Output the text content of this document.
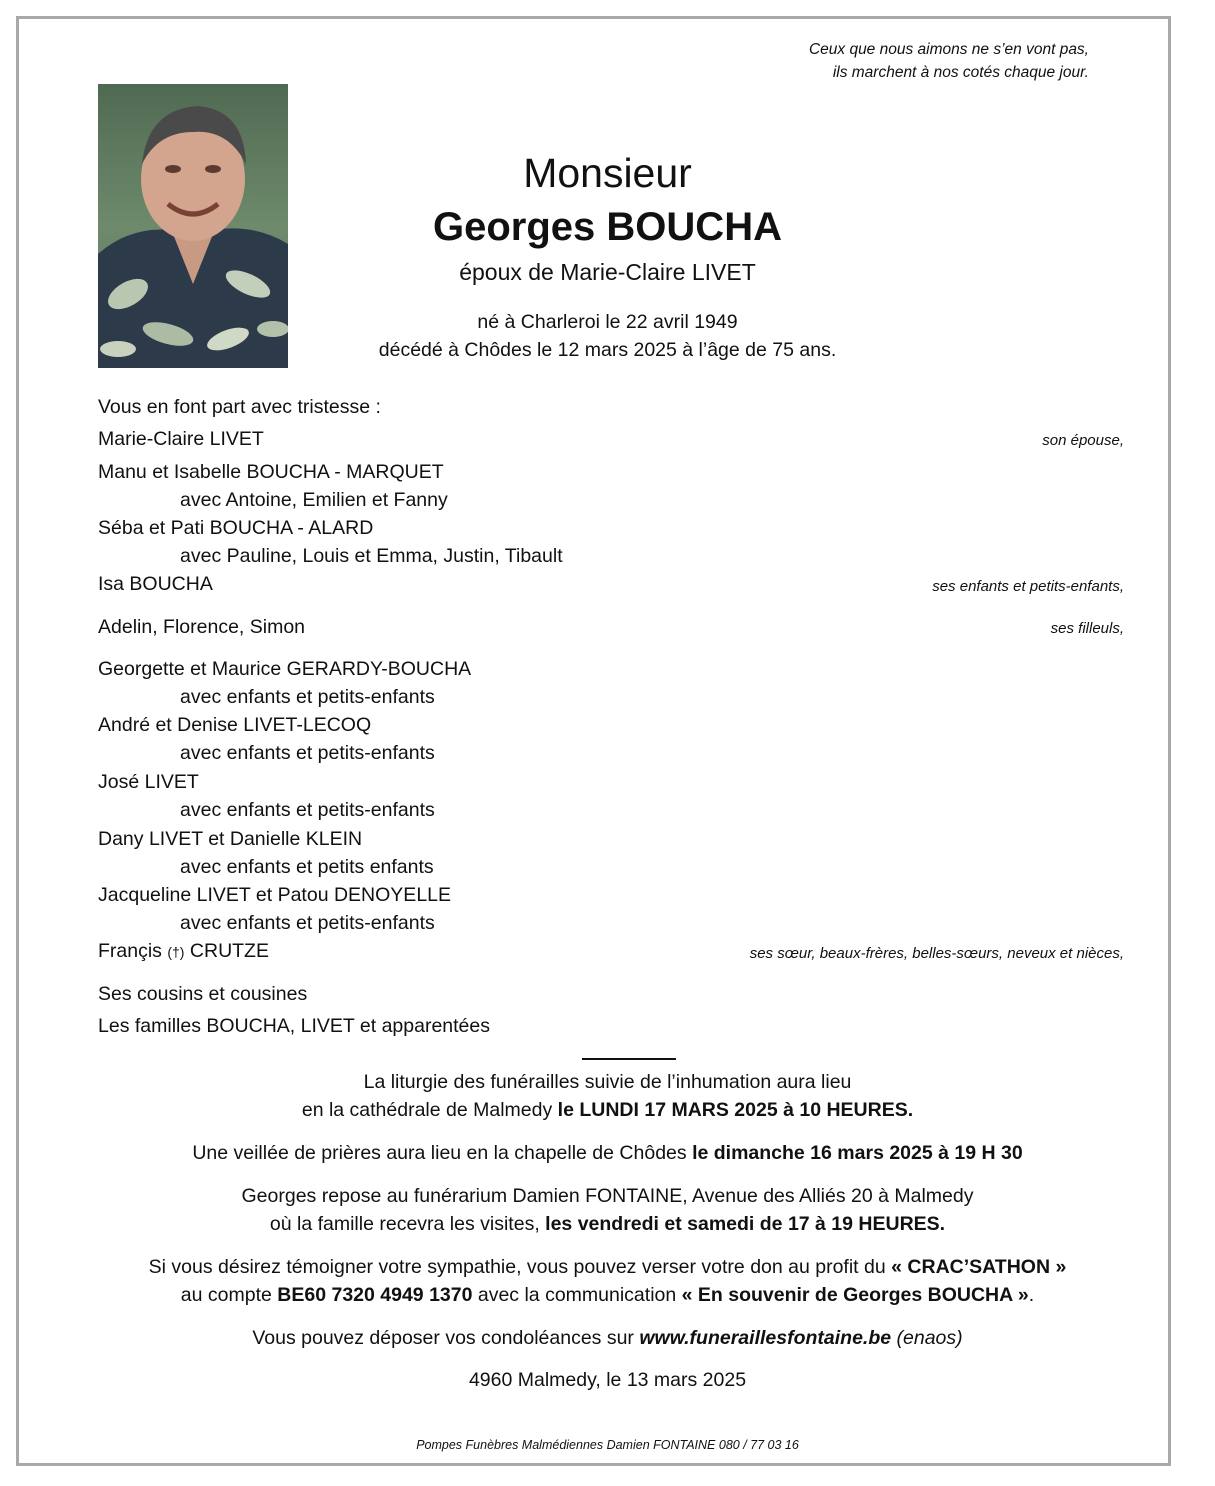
Ceux que nous aimons ne s’en vont pas,
ils marchent à nos cotés chaque jour.
Monsieur
Georges BOUCHA
époux de Marie-Claire LIVET
né à Charleroi le 22 avril 1949
décédé à Chôdes le 12 mars 2025 à l’âge de 75 ans.
Vous en font part avec tristesse :
Marie-Claire LIVET	son épouse,
Manu et Isabelle BOUCHA - MARQUET
avec Antoine, Emilien et Fanny
Séba et Pati BOUCHA - ALARD
avec Pauline, Louis et Emma, Justin, Tibault
Isa BOUCHA	ses enfants et petits-enfants,
Adelin, Florence, Simon	ses filleuls,
Georgette et Maurice GERARDY-BOUCHA
avec enfants et petits-enfants
André et Denise LIVET-LECOQ
avec enfants et petits-enfants
José LIVET
avec enfants et petits-enfants
Dany LIVET et Danielle KLEIN
avec enfants et petits enfants
Jacqueline LIVET et Patou DENOYELLE
avec enfants et petits-enfants
Françis (†) CRUTZE	ses sœur, beaux-frères, belles-sœurs, neveux et nièces,
Ses cousins et cousines
Les familles BOUCHA, LIVET et apparentées
La liturgie des funérailles suivie de l’inhumation aura lieu
en la cathédrale de Malmedy le LUNDI 17 MARS 2025 à 10 HEURES.
Une veillée de prières aura lieu en la chapelle de Chôdes le dimanche 16 mars 2025 à 19 H 30
Georges repose au funérarium Damien FONTAINE, Avenue des Alliés 20 à Malmedy
où la famille recevra les visites, les vendredi et samedi de 17 à 19 HEURES.
Si vous désirez témoigner votre sympathie, vous pouvez verser votre don au profit du « CRAC’SATHON »
au compte BE60 7320 4949 1370 avec la communication « En souvenir de Georges BOUCHA ».
Vous pouvez déposer vos condoléances sur www.funeraillesfontaine.be (enaos)
4960 Malmedy, le 13 mars 2025
Pompes Funèbres Malmédiennes Damien FONTAINE 080 / 77 03 16
